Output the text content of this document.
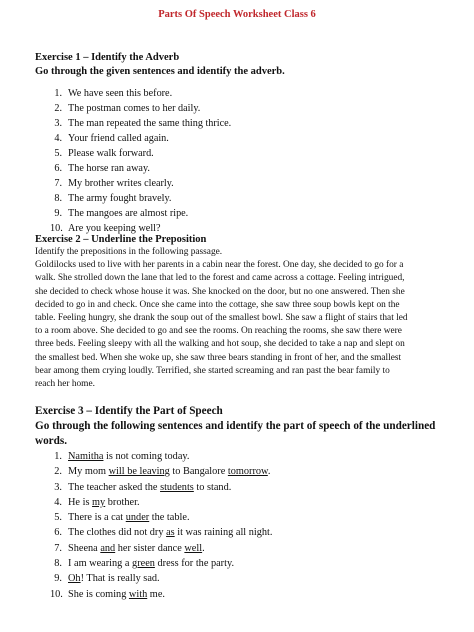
Parts Of Speech Worksheet Class 6
Exercise 1 – Identify the Adverb
Go through the given sentences and identify the adverb.
1. We have seen this before.
2. The postman comes to her daily.
3. The man repeated the same thing thrice.
4. Your friend called again.
5. Please walk forward.
6. The horse ran away.
7. My brother writes clearly.
8. The army fought bravely.
9. The mangoes are almost ripe.
10. Are you keeping well?
Exercise 2 – Underline the Preposition
Identify the prepositions in the following passage.
Goldilocks used to live with her parents in a cabin near the forest. One day, she decided to go for a
walk. She strolled down the lane that led to the forest and came across a cottage. Feeling intrigued,
she decided to check whose house it was. She knocked on the door, but no one answered. Then she
decided to go in and check. Once she came into the cottage, she saw three soup bowls kept on the
table. Feeling hungry, she drank the soup out of the smallest bowl. She saw a flight of stairs that led
to a room above. She decided to go and see the rooms. On reaching the rooms, she saw there were
three beds. Feeling sleepy with all the walking and hot soup, she decided to take a nap and slept on
the smallest bed. When she woke up, she saw three bears standing in front of her, and the smallest
bear among them crying loudly. Terrified, she started screaming and ran past the bear family to
reach her home.
Exercise 3 – Identify the Part of Speech
Go through the following sentences and identify the part of speech of the underlined
words.
1. Namitha is not coming today.
2. My mom will be leaving to Bangalore tomorrow.
3. The teacher asked the students to stand.
4. He is my brother.
5. There is a cat under the table.
6. The clothes did not dry as it was raining all night.
7. Sheena and her sister dance well.
8. I am wearing a green dress for the party.
9. Oh! That is really sad.
10. She is coming with me.
